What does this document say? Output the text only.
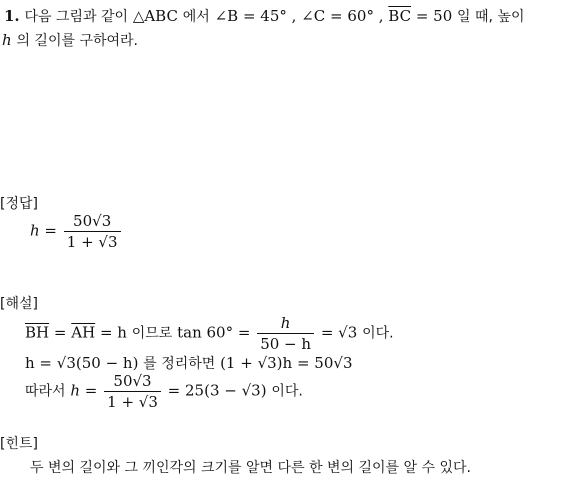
1. 다음 그림과 같이 △ABC 에서 ∠B = 45° , ∠C = 60° , $\overline{BC} = 50$ 일 때, 높이
h 의 길이를 구하여라.
[정답]
$h = \frac{50√3}{1 + √3}$
[해설]
$\overline{BH} = \overline{AH} = h$ 이므로 $\tan 60^\circ = \frac{h}{50 - h} = √3$ 이다.
h = √3(50 − h) 를 정리하면 (1 + √3)h = 50√3
따라서 $h = \frac{50√3}{1 + √3} = 25(3 - √3)$ 이다.
[힌트]
두 변의 길이와 그 끼인각의 크기를 알면 다른 한 변의 길이를 알 수 있다.
